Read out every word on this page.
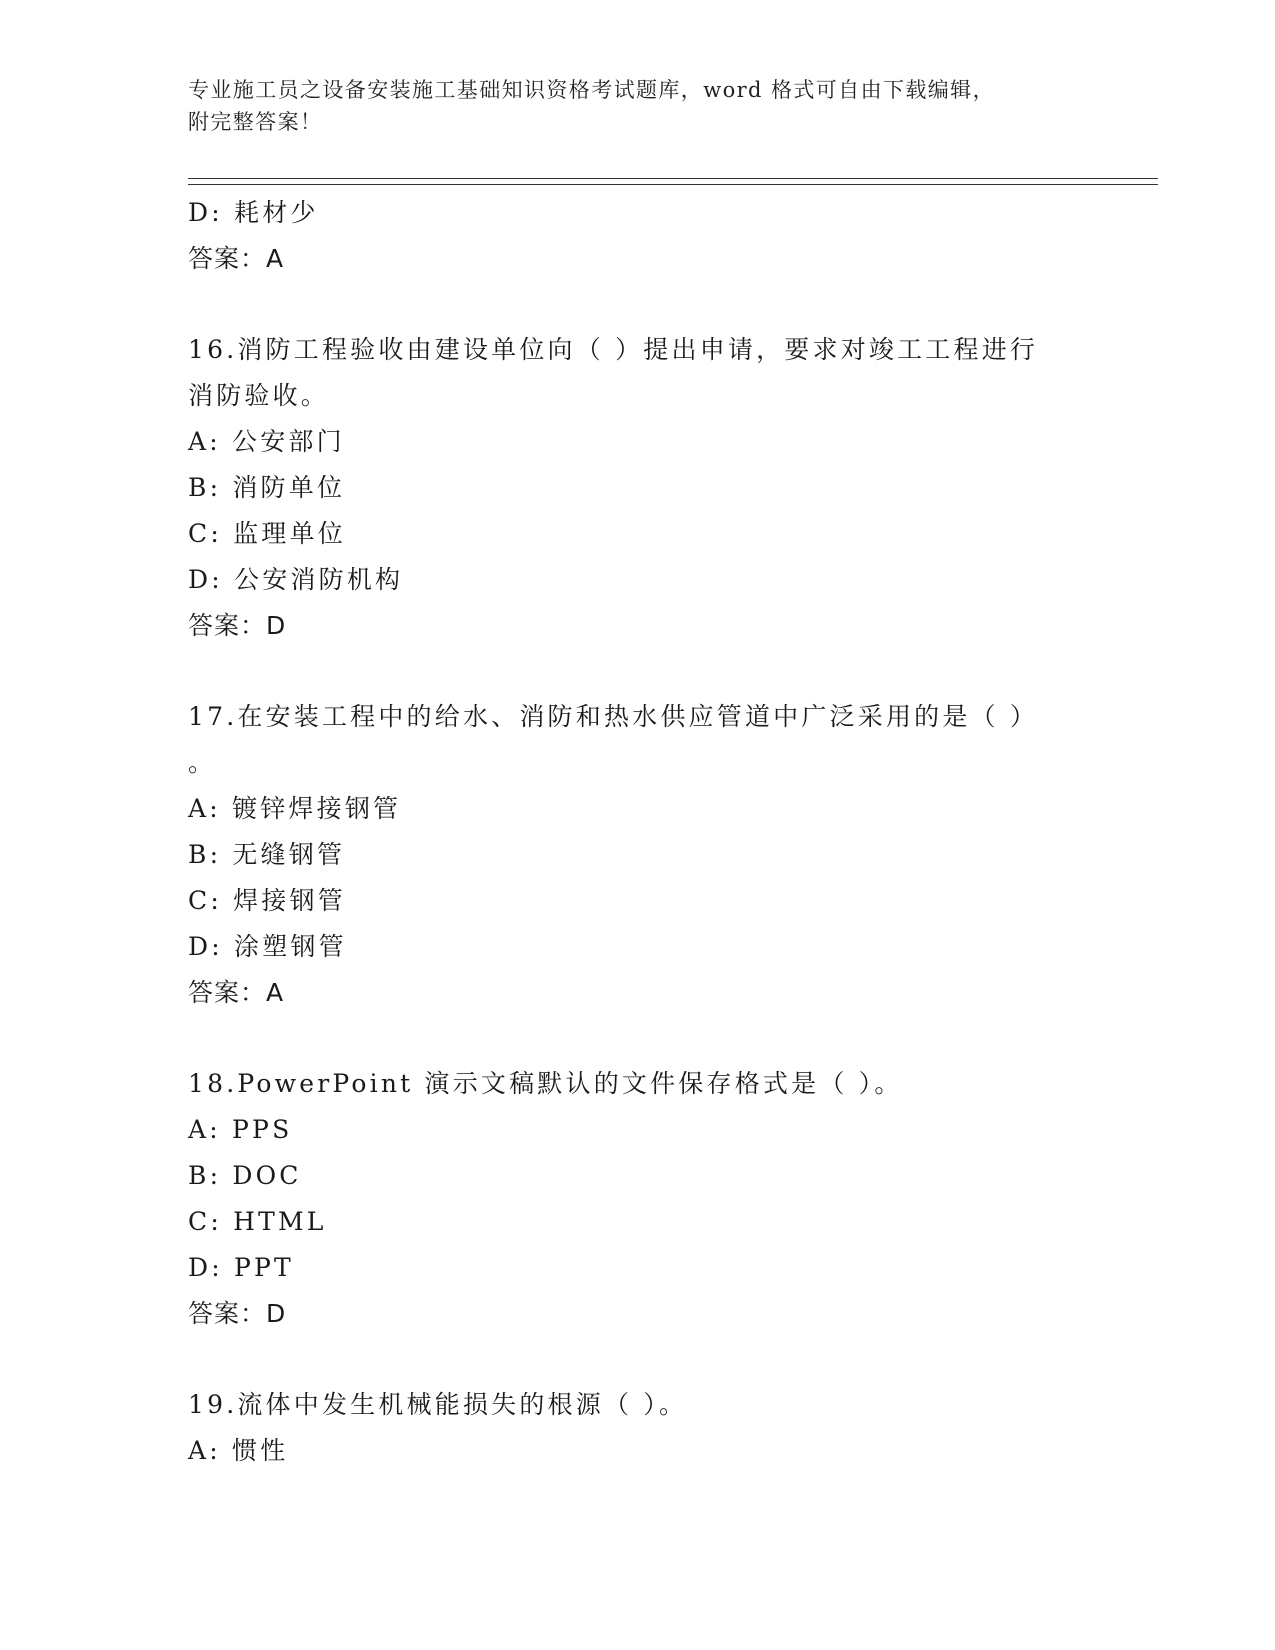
专业施工员之设备安装施工基础知识资格考试题库，word 格式可自由下载编辑，
附完整答案！
D: 耗材少
答案：A
16.消防工程验收由建设单位向（ ）提出申请，要求对竣工工程进行
消防验收。
A: 公安部门
B: 消防单位
C: 监理单位
D: 公安消防机构
答案：D
17.在安装工程中的给水、消防和热水供应管道中广泛采用的是（ ）
。
A: 镀锌焊接钢管
B: 无缝钢管
C: 焊接钢管
D: 涂塑钢管
答案：A
18.PowerPoint 演示文稿默认的文件保存格式是（ ）。
A: PPS
B: DOC
C: HTML
D: PPT
答案：D
19.流体中发生机械能损失的根源（ ）。
A: 惯性
